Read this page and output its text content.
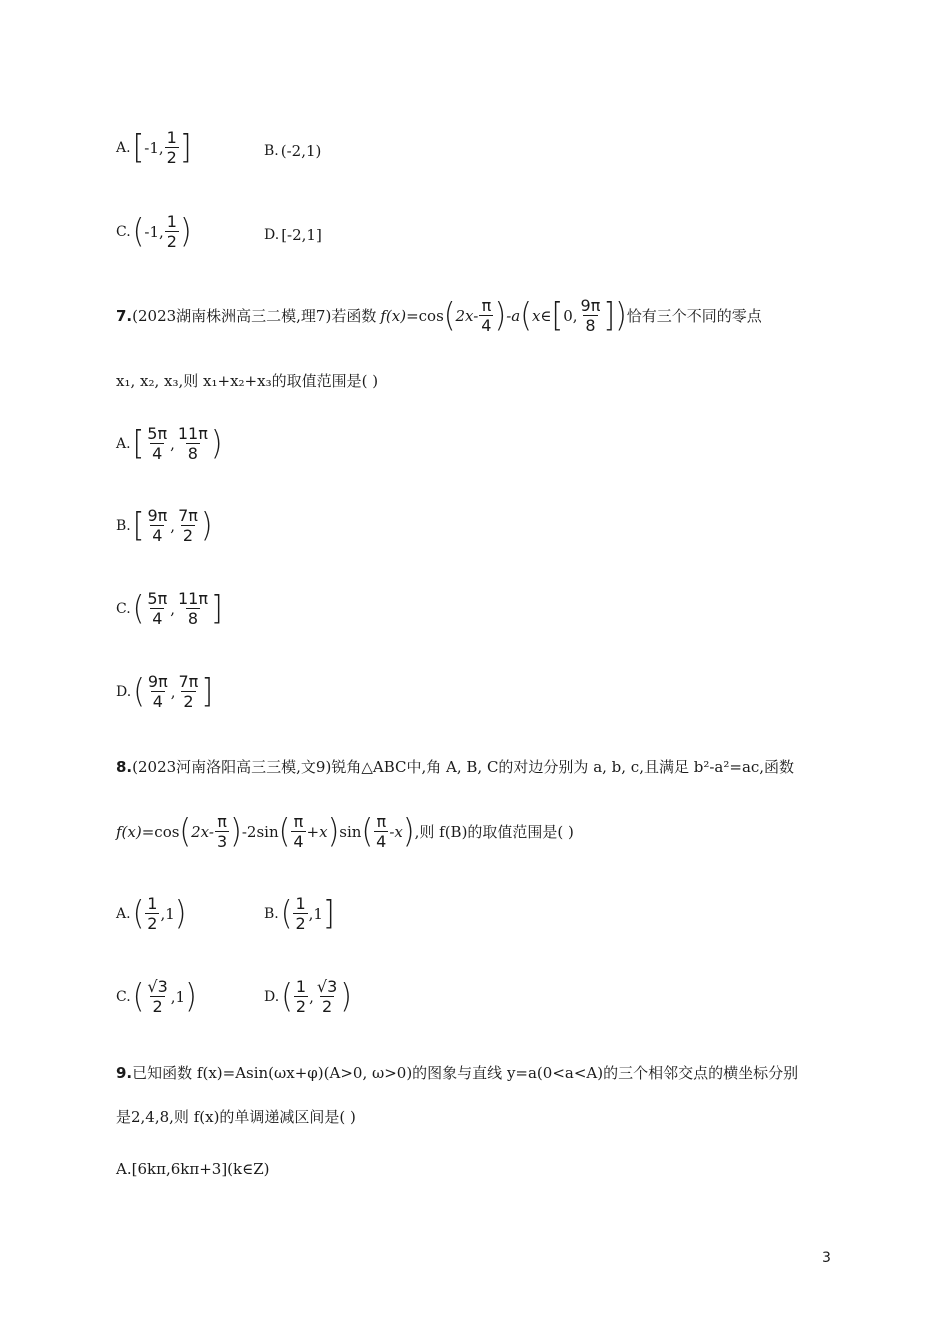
A. [ -1, $\frac{1}{2}$ ]	B. (-2,1)
C. ( -1, $\frac{1}{2}$ )	D. [-2,1]
7. (2023湖南株洲高三二模,理7)若函数 f(x) =cos ( $2x- \frac{\pi}{4}$ ) -a ( x∈ [ 0, $\frac{9\pi}{8}$ ] ) 恰有三个不同的零点
x₁, x₂, x₃,则 x₁+x₂+x₃的取值范围是( )
A. [ $\frac{5\pi}{4}$ , $\frac{11\pi}{8}$ )
B. [ $\frac{9\pi}{4}$ , $\frac{7\pi}{2}$ )
C. ( $\frac{5\pi}{4}$ , $\frac{11\pi}{8}$ ]
D. ( $\frac{9\pi}{4}$ , $\frac{7\pi}{2}$ ]
8. (2023河南洛阳高三三模,文9)锐角△ABC中,角 A, B, C的对边分别为 a, b, c,且满足 b²-a²=ac,函数
f(x) =cos ( $2x- \frac{\pi}{3}$ ) -2sin ( $\frac{\pi}{4} +x$ ) sin ( $\frac{\pi}{4} -x$ ) ,则 f(B)的取值范围是( )
A. ( $\frac{1}{2} ,1$ )	B. ( $\frac{1}{2} ,1$ ]
C. ( $\frac{√3}{2} ,1$ )	D. ( $\frac{1}{2}$ , $\frac{√3}{2}$ )
9. 已知函数 f(x)=Asin(ωx+φ)(A>0, ω>0)的图象与直线 y=a(0<a<A)的三个相邻交点的横坐标分别
是2,4,8,则 f(x)的单调递减区间是( )
A.[6kπ,6kπ+3](k∈Z)
3
